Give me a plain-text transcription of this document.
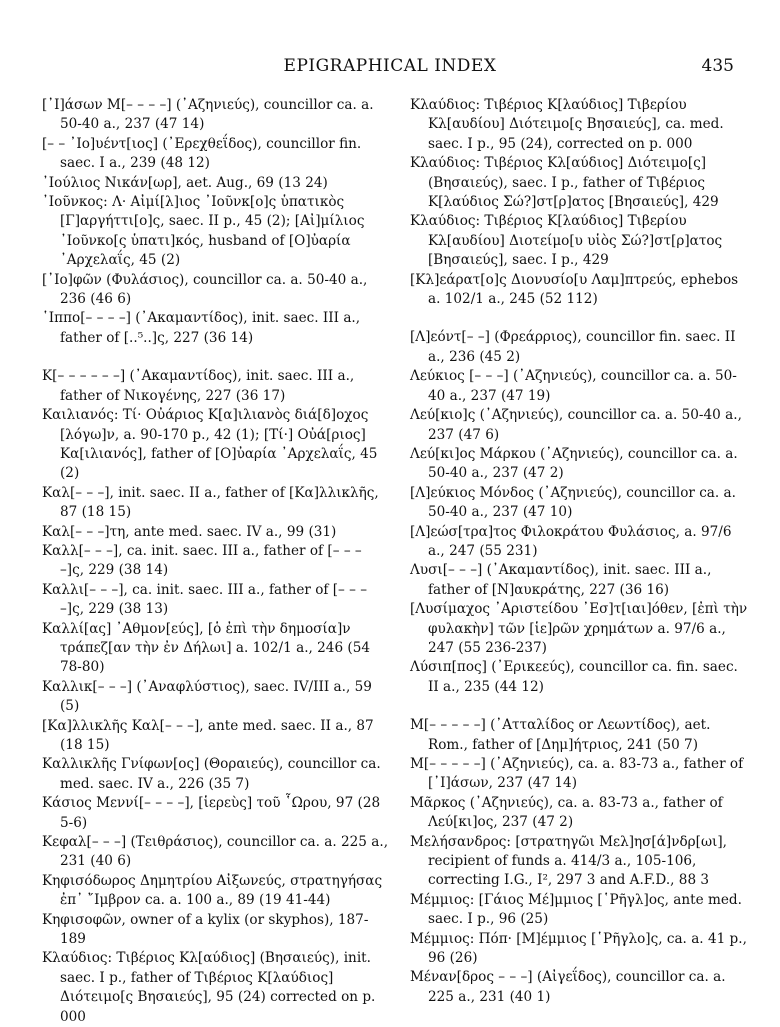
EPIGRAPHICAL INDEX	435

[᾽Ι]άσων Μ[– – – –] (᾽Αζηνιεύς), councillor ca. a. 50-40 a., 237 (47 14)

[– – ᾽Ιο]υέντ[ιος] (᾽Ερεχθεΐδος), councillor fin. saec. I a., 239 (48 12)

᾽Ιούλιος Νικάν[ωρ], aet. Aug., 69 (13 24)

᾽Ιοῦνκος: Λ· Αἰμί[λ]ιος ᾽Ιοῦνκ[ο]ς ὑπατικὸς [Γ]αργήττι[ο]ς, saec. II p., 45 (2); [Αἰ]μίλιος ᾽Ιοῦνκο[ς ὑπατι]κός, husband of [Ο]ὐαρία ᾽Αρχελαΐς, 45 (2)

[᾽Ιο]φῶν (Φυλάσιος), councillor ca. a. 50-40 a., 236 (46 6)

῾Ιππο[– – – –] (᾽Ακαμαντίδος), init. saec. III a., father of [..⁵..]ς, 227 (36 14)

Κ[– – – – – –] (᾽Ακαμαντίδος), init. saec. III a., father of Νικογένης, 227 (36 17)

Καιλιανός: Τί· Οὐάριος Κ[α]ιλιανὸς διά[δ]οχος [λόγω]ν, a. 90-170 p., 42 (1); [Τί·] Οὐά[ριος] Κα[ιλιανός], father of [Ο]ὐαρία ᾽Αρχελαΐς, 45 (2)

Καλ[– – –], init. saec. II a., father of [Κα]λλικλῆς, 87 (18 15)

Καλ[– – –]τη, ante med. saec. IV a., 99 (31)

Καλλ[– – –], ca. init. saec. III a., father of [– – – –]ς, 229 (38 14)

Καλλι[– – –], ca. init. saec. III a., father of [– – – –]ς, 229 (38 13)

Καλλί[ας] ᾽Αθμον[εύς], [ὁ ἐπὶ τὴν δημοσία]ν τράπεζ[αν τὴν ἐν Δήλωι] a. 102/1 a., 246 (54 78-80)

Καλλικ[– – –] (᾽Αναφλύστιος), saec. IV/III a., 59 (5)

[Κα]λλικλῆς Καλ[– – –], ante med. saec. II a., 87 (18 15)

Καλλικλῆς Γνίφων[ος] (Θοραιεύς), councillor ca. med. saec. IV a., 226 (35 7)

Κάσιος Μεννί[– – – –], [ἱερεὺς] τοῦ ῟Ωρου, 97 (28 5-6)

Κεφαλ[– – –] (Τειθράσιος), councillor ca. a. 225 a., 231 (40 6)

Κηφισόδωρος Δημητρίου Αἰξωνεύς, στρατηγήσας ἐπ᾽ ῎Ιμβρον ca. a. 100 a., 89 (19 41-44)

Κηφισοφῶν, owner of a kylix (or skyphos), 187-189

Κλαύδιος: Τιβέριος Κλ[αύδιος] (Βησαιεύς), init. saec. I p., father of Τιβέριος Κ[λαύδιος] Διότειμο[ς Βησαιεύς], 95 (24) corrected on p. 000

Κλαύδιος: Τιβέριος Κ[λαύδιος] Τιβερίου Κλ[αυδίου] Διότειμο[ς Βησαιεύς], ca. med. saec. I p., 95 (24), corrected on p. 000

Κλαύδιος: Τιβέριος Κλ[αύδιος] Διότειμο[ς] (Βησαιεύς), saec. I p., father of Τιβέριος Κ[λαύδιος Σώ?]στ[ρ]ατος [Βησαιεύς], 429

Κλαύδιος: Τιβέριος Κ[λαύδιος] Τιβερίου Κλ[αυδίου] Διοτείμο[υ υἱὸς Σώ?]στ[ρ]ατος [Βησαιεύς], saec. I p., 429

[Κλ]εάρατ[ο]ς Διονυσίο[υ Λαμ]πτρεύς, ephebos a. 102/1 a., 245 (52 112)

[Λ]εόντ[– –] (Φρεάρριος), councillor fin. saec. II a., 236 (45 2)

Λεύκιος [– – –] (᾽Αζηνιεύς), councillor ca. a. 50-40 a., 237 (47 19)

Λεύ[κιο]ς (᾽Αζηνιεύς), councillor ca. a. 50-40 a., 237 (47 6)

Λεύ[κι]ος Μάρκου (᾽Αζηνιεύς), councillor ca. a. 50-40 a., 237 (47 2)

[Λ]εύκιος Μόνδος (᾽Αζηνιεύς), councillor ca. a. 50-40 a., 237 (47 10)

[Λ]εώσ[τρα]τος Φιλοκράτου Φυλάσιος, a. 97/6 a., 247 (55 231)

Λυσι[– – –] (᾽Ακαμαντίδος), init. saec. III a., father of [Ν]αυκράτης, 227 (36 16)

[Λυσίμαχος ᾽Αριστείδου ᾽Εσ]τ[ιαι]όθεν, [ἐπὶ τὴν φυλακὴν] τῶν [ἱε]ρῶν χρημάτων a. 97/6 a., 247 (55 236-237)

Λύσιπ[πος] (᾽Ερικεεύς), councillor ca. fin. saec. II a., 235 (44 12)

Μ[– – – – –] (᾽Ατταλίδος or Λεωντίδος), aet. Rom., father of [Δημ]ήτριος, 241 (50 7)

Μ[– – – – –] (᾽Αζηνιεύς), ca. a. 83-73 a., father of [᾽Ι]άσων, 237 (47 14)

Μᾶρκος (᾽Αζηνιεύς), ca. a. 83-73 a., father of Λεύ[κι]ος, 237 (47 2)

Μελήσανδρος: [στρατηγῶι Μελ]ησ[ά]νδρ[ωι], recipient of funds a. 414/3 a., 105-106, correcting I.G., I², 297 3 and A.F.D., 88 3

Μέμμιος: [Γάιος Μέ]μμιος [῾Ρῆγλ]ος, ante med. saec. I p., 96 (25)

Μέμμιος: Πόπ· [Μ]έμμιος [῾Ρῆγλο]ς, ca. a. 41 p., 96 (26)

Μέναν[δρος – – –] (Αἰγεΐδος), councillor ca. a. 225 a., 231 (40 1)
